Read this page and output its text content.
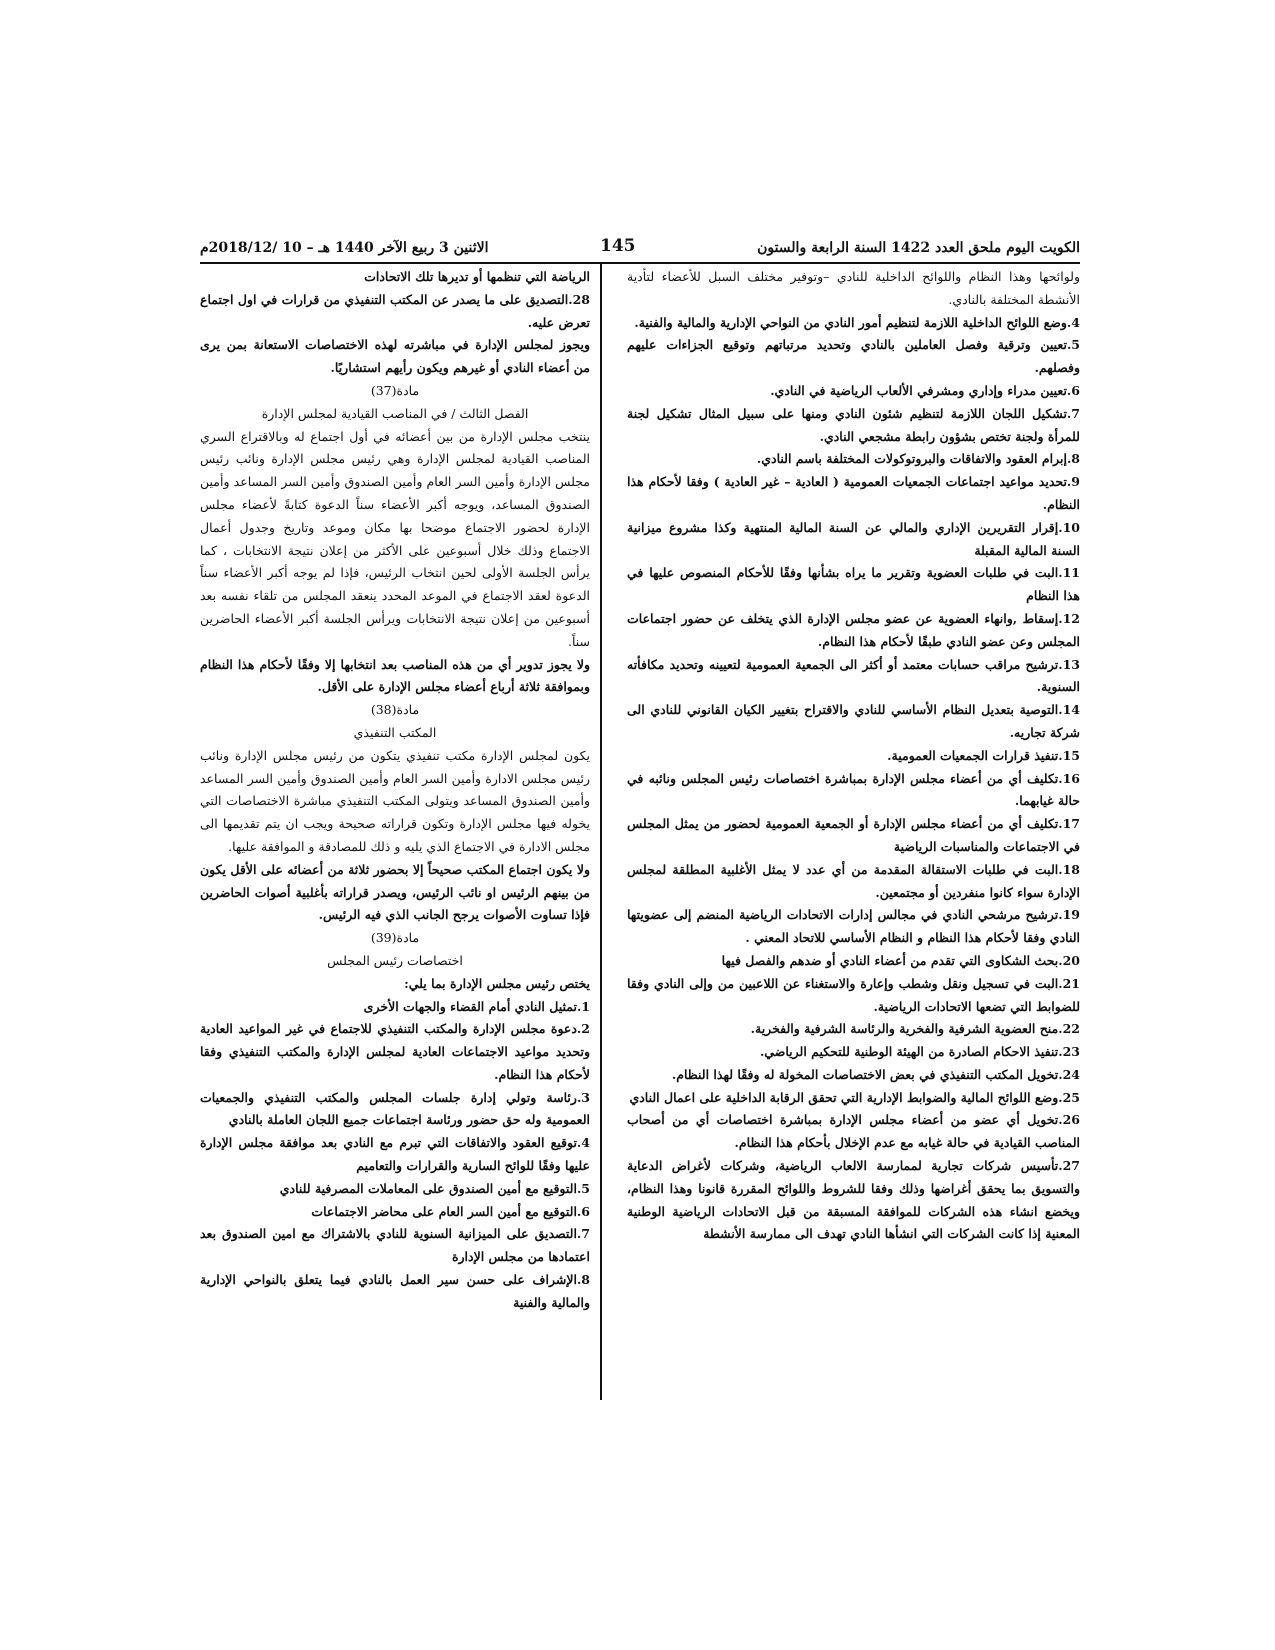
الكويت اليوم ملحق العدد 1422 السنة الرابعة والستون
145
الاثنين 3 ربيع الآخر 1440 هـ – 10 /2018/12م

ولوائحها وهذا النظام واللوائح الداخلية للنادي –وتوفير مختلف السبل للأعضاء لتأدية الأنشطة المختلفة بالنادي.

4.وضع اللوائح الداخلية اللازمة لتنظيم أمور النادي من النواحي الإدارية والمالية والفنية.

5.تعيين وترقية وفصل العاملين بالنادي وتحديد مرتباتهم وتوقيع الجزاءات عليهم وفصلهم.

6.تعيين مدراء وإداري ومشرفي الألعاب الرياضية في النادي.

7.تشكيل اللجان اللازمة لتنظيم شئون النادي ومنها على سبيل المثال تشكيل لجنة للمرأة ولجنة تختص بشؤون رابطة مشجعي النادي.

8.إبرام العقود والاتفاقات والبروتوكولات المختلفة باسم النادي.

9.تحديد مواعيد اجتماعات الجمعيات العمومية ( العادية – غير العادية ) وفقا لأحكام هذا النظام.

10.إقرار التقريرين الإداري والمالي عن السنة المالية المنتهية وكذا مشروع ميزانية السنة المالية المقبلة

11.البت في طلبات العضوية وتقرير ما يراه بشأنها وفقًا للأحكام المنصوص عليها في هذا النظام

12.إسقاط ,وانهاء العضوية عن عضو مجلس الإدارة الذي يتخلف عن حضور اجتماعات المجلس وعن عضو النادي طبقًا لأحكام هذا النظام.

13.ترشيح مراقب حسابات معتمد أو أكثر الى الجمعية العمومية لتعيينه وتحديد مكافأته السنوية.

14.التوصية بتعديل النظام الأساسي للنادي والاقتراح بتغيير الكيان القانوني للنادي الى شركة تجاريه.

15.تنفيذ قرارات الجمعيات العمومية.

16.تكليف أي من أعضاء مجلس الإدارة بمباشرة اختصاصات رئيس المجلس ونائبه في حالة غيابهما.

17.تكليف أي من أعضاء مجلس الإدارة أو الجمعية العمومية لحضور من يمثل المجلس في الاجتماعات والمناسبات الرياضية

18.البت في طلبات الاستقالة المقدمة من أي عدد لا يمثل الأغلبية المطلقة لمجلس الإدارة سواء كانوا منفردين أو مجتمعين.

19.ترشيح مرشحي النادي في مجالس إدارات الاتحادات الرياضية المنضم إلى عضويتها النادي وفقا لأحكام هذا النظام و النظام الأساسي للاتحاد المعني .

20.بحث الشكاوى التي تقدم من أعضاء النادي أو ضدهم والفصل فيها

21.البت في تسجيل ونقل وشطب وإعارة والاستغناء عن اللاعبين من وإلى النادي وفقا للضوابط التي تضعها الاتحادات الرياضية.

22.منح العضوية الشرفية والفخرية والرئاسة الشرفية والفخرية.

23.تنفيذ الاحكام الصادرة من الهيئة الوطنية للتحكيم الرياضي.

24.تخويل المكتب التنفيذي في بعض الاختصاصات المخولة له وفقًا لهذا النظام.

25.وضع اللوائح المالية والضوابط الإدارية التي تحقق الرقابة الداخلية على اعمال النادي

26.تخويل أي عضو من أعضاء مجلس الإدارة بمباشرة اختصاصات أي من أصحاب المناصب القيادية في حالة غيابه مع عدم الإخلال بأحكام هذا النظام.

27.تأسيس شركات تجارية لممارسة الالعاب الرياضية، وشركات لأغراض الدعاية والتسويق بما يحقق أغراضها وذلك وفقا للشروط واللوائح المقررة قانونا وهذا النظام، ويخضع انشاء هذه الشركات للموافقة المسبقة من قبل الاتحادات الرياضية الوطنية المعنية إذا كانت الشركات التي انشأها النادي تهدف الى ممارسة الأنشطة

الرياضة التي تنظمها أو تديرها تلك الاتحادات

28.التصديق على ما يصدر عن المكتب التنفيذي من قرارات في اول اجتماع تعرض عليه.

ويجوز لمجلس الإدارة في مباشرته لهذه الاختصاصات الاستعانة بمن يرى من أعضاء النادي أو غيرهم ويكون رأيهم استشاريًا.

مادة(37)

الفصل الثالث / في المناصب القيادية لمجلس الإدارة

ينتخب مجلس الإدارة من بين أعضائه في أول اجتماع له وبالاقتراع السري المناصب القيادية لمجلس الإدارة وهي رئيس مجلس الإدارة ونائب رئيس مجلس الإدارة وأمين السر العام وأمين الصندوق وأمين السر المساعد وأمين الصندوق المساعد، ويوجه أكبر الأعضاء سناً الدعوة كتابةً لأعضاء مجلس الإدارة لحضور الاجتماع موضحا بها مكان وموعد وتاريخ وجدول أعمال الاجتماع وذلك خلال أسبوعين على الأكثر من إعلان نتيجة الانتخابات ، كما يرأس الجلسة الأولى لحين انتخاب الرئيس، فإذا لم يوجه أكبر الأعضاء سناً الدعوة لعقد الاجتماع في الموعد المحدد ينعقد المجلس من تلقاء نفسه بعد أسبوعين من إعلان نتيجة الانتخابات ويرأس الجلسة أكبر الأعضاء الحاضرين سناً.

ولا يجوز تدوير أي من هذه المناصب بعد انتخابها إلا وفقًا لأحكام هذا النظام وبموافقة ثلاثة أرباع أعضاء مجلس الإدارة على الأقل.

مادة(38)

المكتب التنفيذي

يكون لمجلس الإدارة مكتب تنفيذي يتكون من رئيس مجلس الإدارة ونائب رئيس مجلس الادارة وأمين السر العام وأمين الصندوق وأمين السر المساعد وأمين الصندوق المساعد ويتولى المكتب التنفيذي مباشرة الاختصاصات التي يخوله فيها مجلس الإدارة وتكون قراراته صحيحة ويجب ان يتم تقديمها الى مجلس الادارة في الاجتماع الذي يليه و ذلك للمصادقة و الموافقة عليها.

ولا يكون اجتماع المكتب صحيحاً إلا بحضور ثلاثة من أعضائه على الأقل يكون من بينهم الرئيس او نائب الرئيس، ويصدر قراراته بأغلبية أصوات الحاضرين فإذا تساوت الأصوات يرجح الجانب الذي فيه الرئيس.

مادة(39)

اختصاصات رئيس المجلس

يختص رئيس مجلس الإدارة بما يلي:

1.تمثيل النادي أمام القضاء والجهات الأخرى

2.دعوة مجلس الإدارة والمكتب التنفيذي للاجتماع في غير المواعيد العادية وتحديد مواعيد الاجتماعات العادية لمجلس الإدارة والمكتب التنفيذي وفقا لأحكام هذا النظام.

3.رئاسة وتولي إدارة جلسات المجلس والمكتب التنفيذي والجمعيات العمومية وله حق حضور ورئاسة اجتماعات جميع اللجان العاملة بالنادي

4.توقيع العقود والاتفاقات التي تبرم مع النادي بعد موافقة مجلس الإدارة عليها وفقًا للوائح السارية والقرارات والتعاميم

5.التوقيع مع أمين الصندوق على المعاملات المصرفية للنادي

6.التوقيع مع أمين السر العام على محاضر الاجتماعات

7.التصديق على الميزانية السنوية للنادي بالاشتراك مع امين الصندوق بعد اعتمادها من مجلس الإدارة

8.الإشراف على حسن سير العمل بالنادي فيما يتعلق بالنواحي الإدارية والمالية والفنية
